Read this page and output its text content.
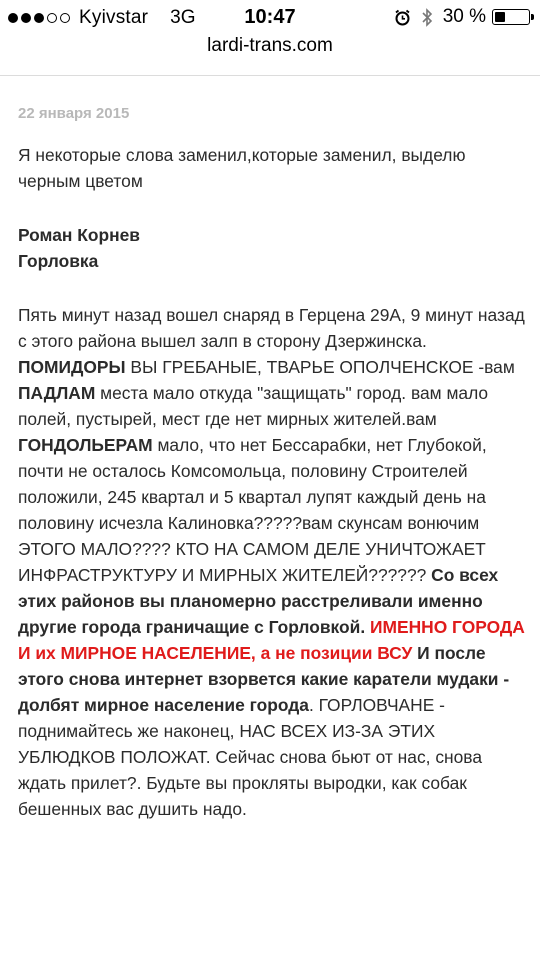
Kyivstar 3G	10:47	30 %
lardi-trans.com
22 января 2015
Я некоторые слова заменил,которые заменил, выделю черным цветом
Роман Корнев
Горловка
Пять минут назад вошел снаряд в Герцена 29А, 9 минут назад с этого района вышел залп в сторону Дзержинска. ПОМИДОРЫ ВЫ ГРЕБАНЫЕ, ТВАРЬЕ ОПОЛЧЕНСКОЕ -вам ПАДЛАМ места мало откуда "защищать" город. вам мало полей, пустырей, мест где нет мирных жителей.вам ГОНДОЛЬЕРАМ мало, что нет Бессарабки, нет Глубокой, почти не осталось Комсомольца, половину Строителей положили, 245 квартал и 5 квартал лупят каждый день на половину исчезла Калиновка?????вам скунсам вонючим ЭТОГО МАЛО???? КТО НА САМОМ ДЕЛЕ УНИЧТОЖАЕТ ИНФРАСТРУКТУРУ И МИРНЫХ ЖИТЕЛЕЙ?????? Со всех этих районов вы планомерно расстреливали именно другие города граничащие с Горловкой. ИМЕННО ГОРОДА И их МИРНОЕ НАСЕЛЕНИЕ, а не позиции ВСУ И после этого снова интернет взорвется какие каратели мудаки - долбят мирное население города. ГОРЛОВЧАНЕ - поднимайтесь же наконец, НАС ВСЕХ ИЗ-ЗА ЭТИХ УБЛЮДКОВ ПОЛОЖАТ. Сейчас снова бьют от нас, снова ждать прилет?. Будьте вы прокляты выродки, как собак бешенных вас душить надо.
